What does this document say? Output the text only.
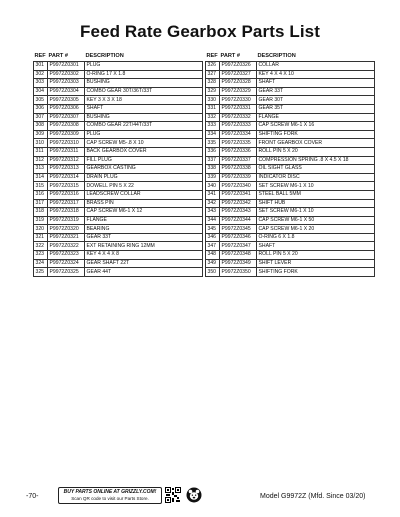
Feed Rate Gearbox Parts List
REF	PART #	DESCRIPTION
301	P9972Z0301	PLUG
302	P9972Z0302	O-RING 17 X 1.8
303	P9972Z0303	BUSHING
304	P9972Z0304	COMBO GEAR 30T/36T/33T
305	P9972Z0305	KEY 3 X 3 X 18
306	P9972Z0306	SHAFT
307	P9972Z0307	BUSHING
308	P9972Z0308	COMBO GEAR 22T/44T/33T
309	P9972Z0309	PLUG
310	P9972Z0310	CAP SCREW M5-.8 X 10
311	P9972Z0311	BACK GEARBOX COVER
312	P9972Z0312	FILL PLUG
313	P9972Z0313	GEARBOX CASTING
314	P9972Z0314	DRAIN PLUG
315	P9972Z0315	DOWELL PIN 5 X 22
316	P9972Z0316	LEADSCREW COLLAR
317	P9972Z0317	BRASS PIN
318	P9972Z0318	CAP SCREW M6-1 X 12
319	P9972Z0319	FLANGE
320	P9972Z0320	BEARING
321	P9972Z0321	GEAR 33T
322	P9972Z0322	EXT RETAINING RING 12MM
323	P9972Z0323	KEY 4 X 4 X 8
324	P9972Z0324	GEAR SHAFT 22T
325	P9972Z0325	GEAR 44T
REF	PART #	DESCRIPTION
326	P9972Z0326	COLLAR
327	P9972Z0327	KEY 4 X 4 X 10
328	P9972Z0328	SHAFT
329	P9972Z0329	GEAR 33T
330	P9972Z0330	GEAR 30T
331	P9972Z0331	GEAR 35T
332	P9972Z0332	FLANGE
333	P9972Z0333	CAP SCREW M6-1 X 16
334	P9972Z0334	SHIFTING FORK
335	P9972Z0335	FRONT GEARBOX COVER
336	P9972Z0336	ROLL PIN 5 X 20
337	P9972Z0337	COMPRESSION SPRING .8 X 4.5 X 18
338	P9972Z0338	OIL SIGHT GLASS
339	P9972Z0339	INDICATOR DISC
340	P9972Z0340	SET SCREW M6-1 X 10
341	P9972Z0341	STEEL BALL 5MM
342	P9972Z0342	SHIFT HUB
343	P9972Z0343	SET SCREW M6-1 X 10
344	P9972Z0344	CAP SCREW M6-1 X 50
345	P9972Z0345	CAP SCREW M6-1 X 20
346	P9972Z0346	O-RING 6 X 1.8
347	P9972Z0347	SHAFT
348	P9972Z0348	ROLL PIN 5 X 20
349	P9972Z0349	SHIFT LEVER
350	P9972Z0350	SHIFTING FORK
-70-
BUY PARTS ONLINE AT GRIZZLY.COM!
Scan QR code to visit our Parts Store.	Model G9972Z (Mfd. Since 03/20)
